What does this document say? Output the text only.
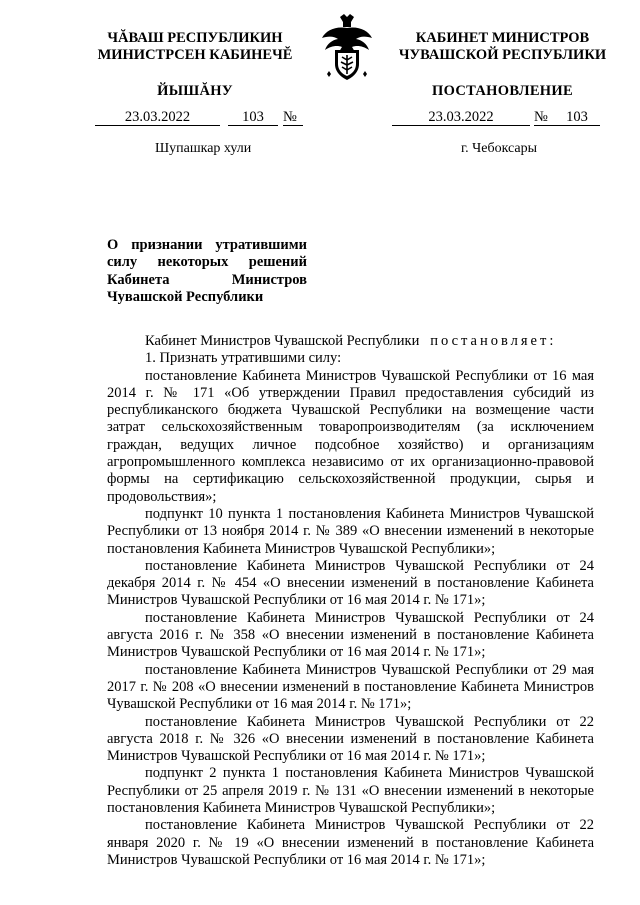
ЧĂВАШ РЕСПУБЛИКИН
МИНИСТРСЕН КАБИНЕЧĔ
ЙЫШĂНУ
КАБИНЕТ МИНИСТРОВ
ЧУВАШСКОЙ РЕСПУБЛИКИ
ПОСТАНОВЛЕНИЕ
23.03.2022	103	№	23.03.2022	№	103
Шупашкар хули	г. Чебоксары
О признании утратившими силу некоторых решений Кабинета Министров Чувашской Республики

Кабинет Министров Чувашской Республики постановляет:

1. Признать утратившими силу:

постановление Кабинета Министров Чувашской Республики от 16 мая 2014 г. № 171 «Об утверждении Правил предоставления субсидий из республиканского бюджета Чувашской Республики на возмещение части затрат сельскохозяйственным товаропроизводителям (за исключением граждан, ведущих личное подсобное хозяйство) и организациям агропромышленного комплекса независимо от их организационно-правовой формы на сертификацию сельскохозяйственной продукции, сырья и продовольствия»;

подпункт 10 пункта 1 постановления Кабинета Министров Чувашской Республики от 13 ноября 2014 г. № 389 «О внесении изменений в некоторые постановления Кабинета Министров Чувашской Республики»;

постановление Кабинета Министров Чувашской Республики от 24 декабря 2014 г. № 454 «О внесении изменений в постановление Кабинета Министров Чувашской Республики от 16 мая 2014 г. № 171»;

постановление Кабинета Министров Чувашской Республики от 24 августа 2016 г. № 358 «О внесении изменений в постановление Кабинета Министров Чувашской Республики от 16 мая 2014 г. № 171»;

постановление Кабинета Министров Чувашской Республики от 29 мая 2017 г. № 208 «О внесении изменений в постановление Кабинета Министров Чувашской Республики от 16 мая 2014 г. № 171»;

постановление Кабинета Министров Чувашской Республики от 22 августа 2018 г. № 326 «О внесении изменений в постановление Кабинета Министров Чувашской Республики от 16 мая 2014 г. № 171»;

подпункт 2 пункта 1 постановления Кабинета Министров Чувашской Республики от 25 апреля 2019 г. № 131 «О внесении изменений в некоторые постановления Кабинета Министров Чувашской Республики»;

постановление Кабинета Министров Чувашской Республики от 22 января 2020 г. № 19 «О внесении изменений в постановление Кабинета Министров Чувашской Республики от 16 мая 2014 г. № 171»;
